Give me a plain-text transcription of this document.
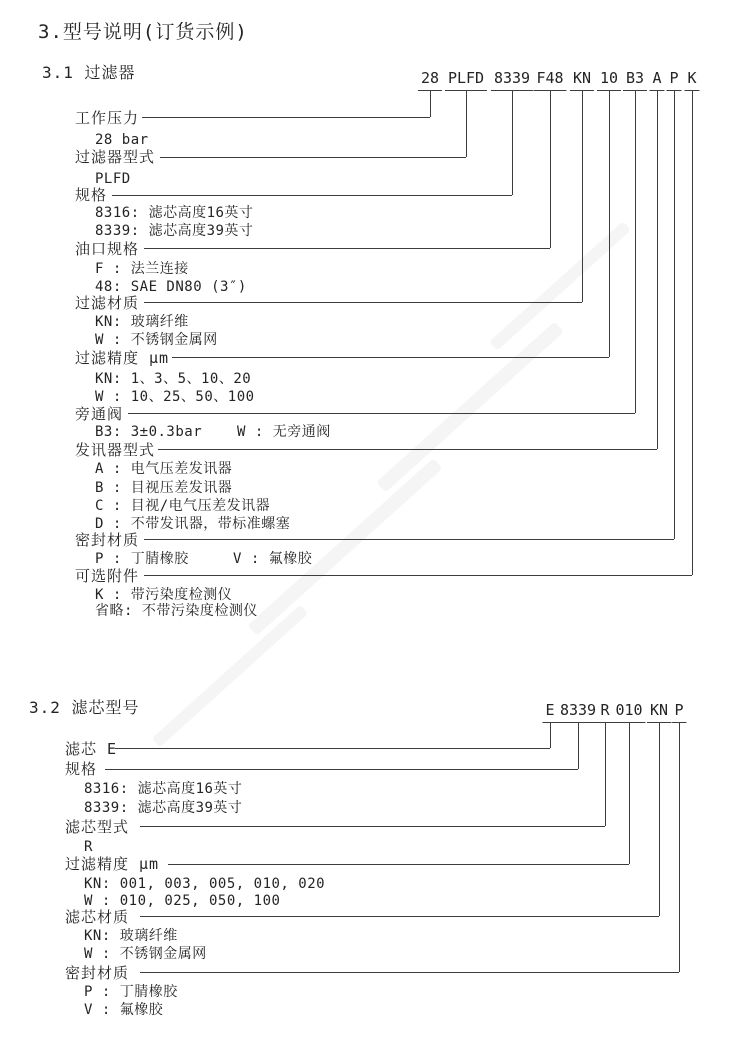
3.型号说明(订货示例)
3.1 过滤器	28 PLFD 8339 F48 KN 10 B3 A P K
工作压力
28 bar
过滤器型式
PLFD
规格
8316: 滤芯高度16英寸
8339: 滤芯高度39英寸
油口规格
F : 法兰连接
48: SAE DN80 (3″)
过滤材质
KN: 玻璃纤维
W : 不锈钢金属网
过滤精度 μm
KN: 1、3、5、10、20
W : 10、25、50、100
旁通阀
B3: 3±0.3bar W : 无旁通阀
发讯器型式
A : 电气压差发讯器
B : 目视压差发讯器
C : 目视/电气压差发讯器
D : 不带发讯器，带标准螺塞
密封材质
P : 丁腈橡胶	V : 氟橡胶
可选附件
K : 带污染度检测仪
省略: 不带污染度检测仪
3.2 滤芯型号	E 8339 R 010 KN P
滤芯 E
规格
8316: 滤芯高度16英寸
8339: 滤芯高度39英寸
滤芯型式
R
过滤精度 μm
KN: 001, 003, 005, 010, 020
W : 010, 025, 050, 100
滤芯材质
KN: 玻璃纤维
W : 不锈钢金属网
密封材质
P : 丁腈橡胶
V : 氟橡胶
